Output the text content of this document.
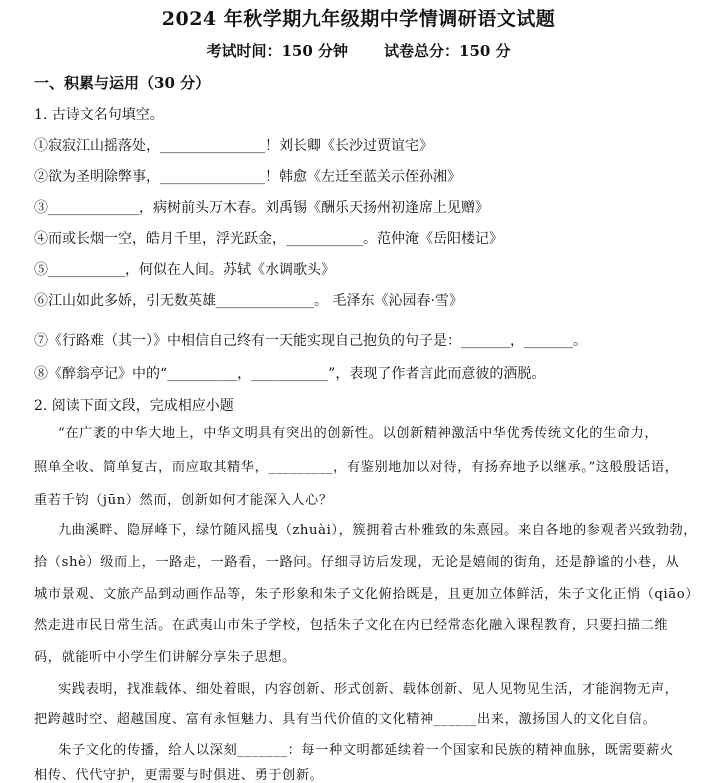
2024 年秋学期九年级期中学情调研语文试题
考试时间：150 分钟 试卷总分：150 分
一、积累与运用（30 分）
1. 古诗文名句填空。
①寂寂江山摇落处，_______________！刘长卿《长沙过贾谊宅》
②欲为圣明除弊事，_______________！韩愈《左迁至蓝关示侄孙湘》
③_____________，病树前头万木春。刘禹锡《酬乐天扬州初逢席上见赠》
④而或长烟一空，皓月千里，浮光跃金，___________。范仲淹《岳阳楼记》
⑤___________，何似在人间。苏轼《水调歌头》
⑥江山如此多娇，引无数英雄______________。 毛泽东《沁园春·雪》
⑦《行路难（其一）》中相信自己终有一天能实现自己抱负的句子是：_______，_______。
⑧《醉翁亭记》中的“__________，___________”，表现了作者言此而意彼的洒脱。
2. 阅读下面文段，完成相应小题
“在广袤的中华大地上，中华文明具有突出的创新性。以创新精神激活中华优秀传统文化的生命力，
照单全收、简单复古，而应取其精华，_________，有鉴别地加以对待，有扬弃地予以继承。”这般殷话语，
重若千钧（jūn）然而，创新如何才能深入人心？
九曲溪畔、隐屏峰下，绿竹随风摇曳（zhuài），簇拥着古朴雅致的朱熹园。来自各地的参观者兴致勃勃，
拾（shè）级而上，一路走，一路看，一路问。仔细寻访后发现，无论是嬉闹的街角，还是静谧的小巷，从
城市景观、文旅产品到动画作品等，朱子形象和朱子文化俯拾既是，且更加立体鲜活，朱子文化正悄（qiāo）
然走进市民日常生活。在武夷山市朱子学校，包括朱子文化在内已经常态化融入课程教育，只要扫描二维
码，就能听中小学生们讲解分享朱子思想。
实践表明，找准载体、细处着眼，内容创新、形式创新、载体创新、见人见物见生活，才能润物无声，
把跨越时空、超越国度、富有永恒魅力、具有当代价值的文化精神______出来，激扬国人的文化自信。
朱子文化的传播，给人以深刻_______：每一种文明都延续着一个国家和民族的精神血脉，既需要薪火
相传、代代守护，更需要与时俱进、勇于创新。
